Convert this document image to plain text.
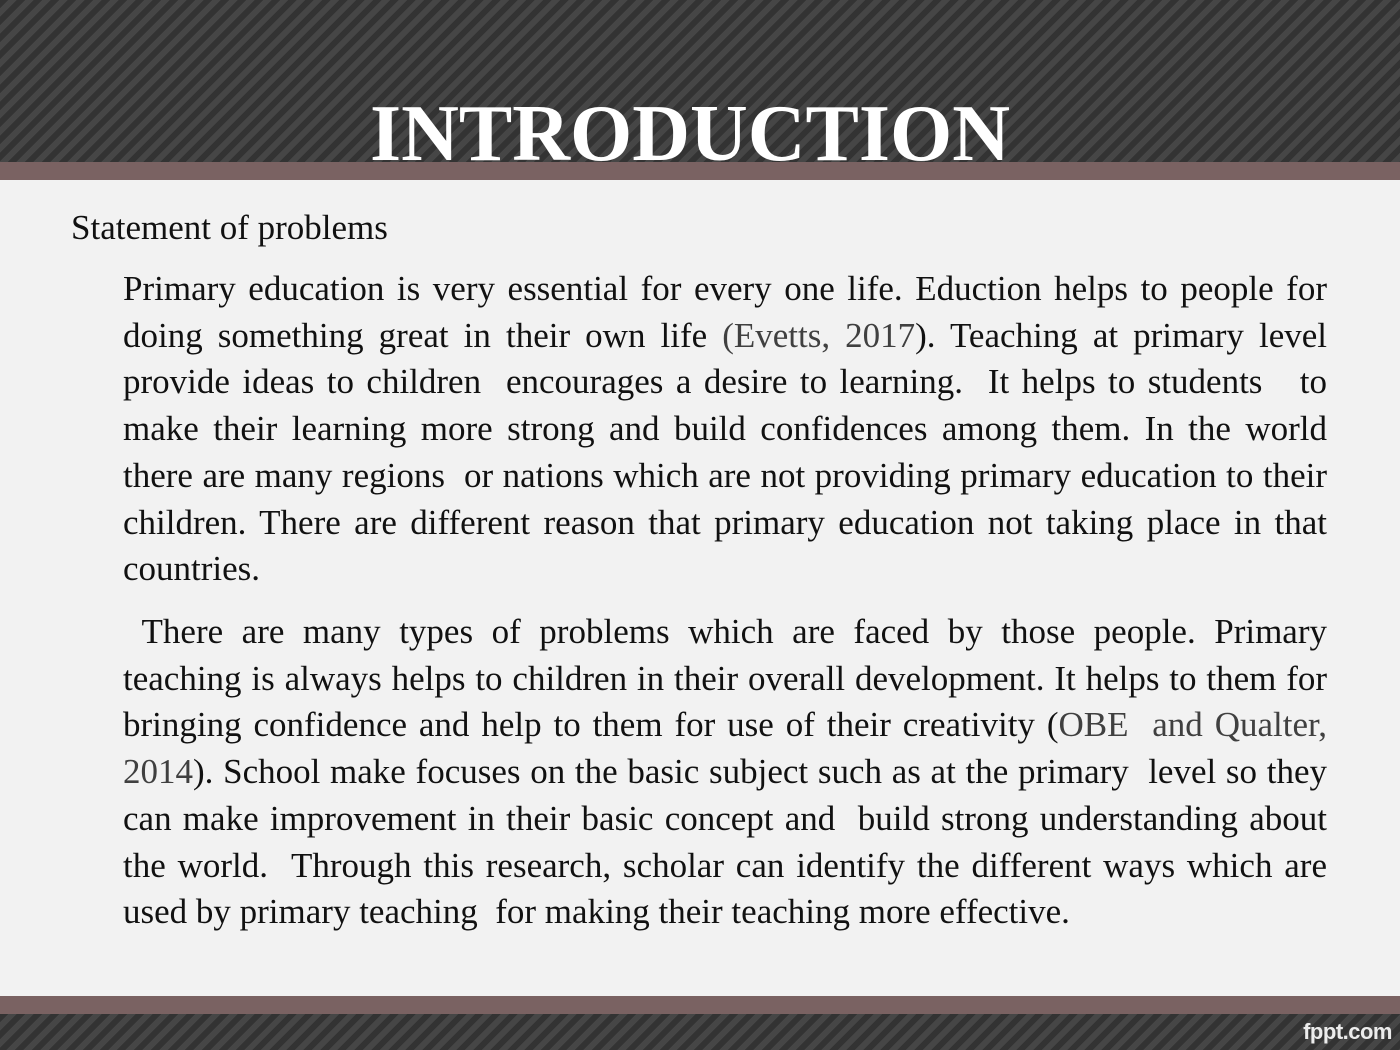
INTRODUCTION

Statement of problems

Primary education is very essential for every one life. Eduction helps to people for doing something great in their own life (Evetts, 2017). Teaching at primary level  provide ideas to children  encourages a desire to learning.  It helps to students   to make their learning more strong and build confidences among them. In the world there are many regions  or nations which are not providing primary education to their children. There are different reason that primary education not taking place in that  countries.

There are many types of problems which are faced by those people. Primary teaching is always helps to children in their overall development. It helps to them for bringing confidence and help to them for use of their creativity (OBE  and Qualter, 2014). School make focuses on the basic subject such as at the primary  level so they can make improvement in their basic concept and  build strong understanding about the world.  Through this research, scholar can identify the different ways which are used by primary teaching  for making their teaching more effective.

fppt.com
